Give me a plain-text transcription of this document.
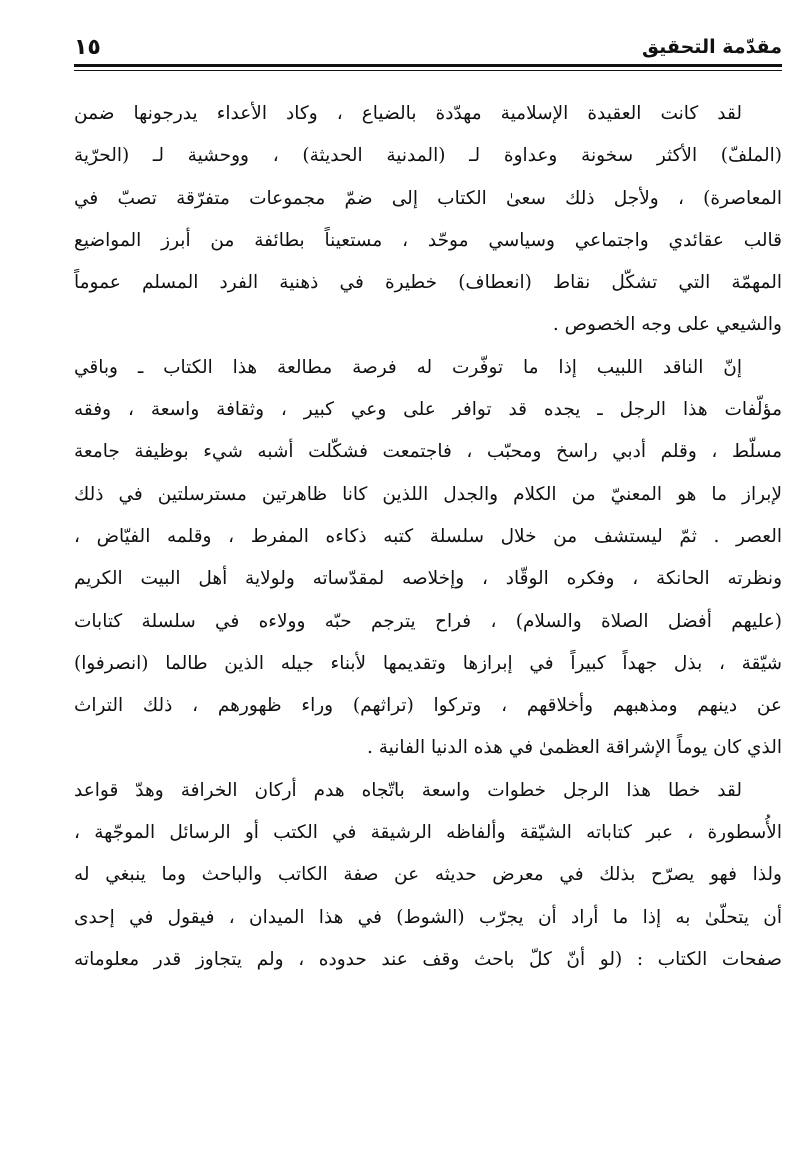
مقدّمة التحقيق
١٥
لقد كانت العقيدة الإسلامية مهدّدة بالضياع ، وكاد الأعداء يدرجونها ضمن
(الملفّ) الأكثر سخونة وعداوة لـ (المدنية الحديثة) ، ووحشية لـ (الحرّية
المعاصرة) ، ولأجل ذلك سعىٰ الكتاب إلى ضمّ مجموعات متفرّقة تصبّ في
قالب عقائدي واجتماعي وسياسي موحّد ، مستعيناً بطائفة من أبرز المواضيع
المهمّة التي تشكّل نقاط (انعطاف) خطيرة في ذهنية الفرد المسلم عموماً
والشيعي على وجه الخصوص .
إنّ الناقد اللبيب إذا ما توفّرت له فرصة مطالعة هذا الكتاب ـ وباقي
مؤلّفات هذا الرجل ـ يجده قد توافر على وعي كبير ، وثقافة واسعة ، وفقه
مسلّط ، وقلم أدبي راسخ ومحبّب ، فاجتمعت فشكّلت أشبه شيء بوظيفة جامعة
لإبراز ما هو المعنيّ من الكلام والجدل اللذين كانا ظاهرتين مسترسلتين في ذلك
العصر . ثمّ ليستشف من خلال سلسلة كتبه ذكاءه المفرط ، وقلمه الفيّاض ،
ونظرته الحانكة ، وفكره الوقّاد ، وإخلاصه لمقدّساته ولولاية أهل البيت الكريم
(عليهم أفضل الصلاة والسلام) ، فراح يترجم حبّه وولاءه في سلسلة كتابات
شيّقة ، بذل جهداً كبيراً في إبرازها وتقديمها لأبناء جيله الذين طالما (انصرفوا)
عن دينهم ومذهبهم وأخلاقهم ، وتركوا (تراثهم) وراء ظهورهم ، ذلك التراث
الذي كان يوماً الإشراقة العظمىٰ في هذه الدنيا الفانية .
لقد خطا هذا الرجل خطوات واسعة باتّجاه هدم أركان الخرافة وهدّ قواعد
الأُسطورة ، عبر كتاباته الشيّقة وألفاظه الرشيقة في الكتب أو الرسائل الموجّهة ،
ولذا فهو يصرّح بذلك في معرض حديثه عن صفة الكاتب والباحث وما ينبغي له
أن يتحلّىٰ به إذا ما أراد أن يجرّب (الشوط) في هذا الميدان ، فيقول في إحدى
صفحات الكتاب : (لو أنّ كلّ باحث وقف عند حدوده ، ولم يتجاوز قدر معلوماته
